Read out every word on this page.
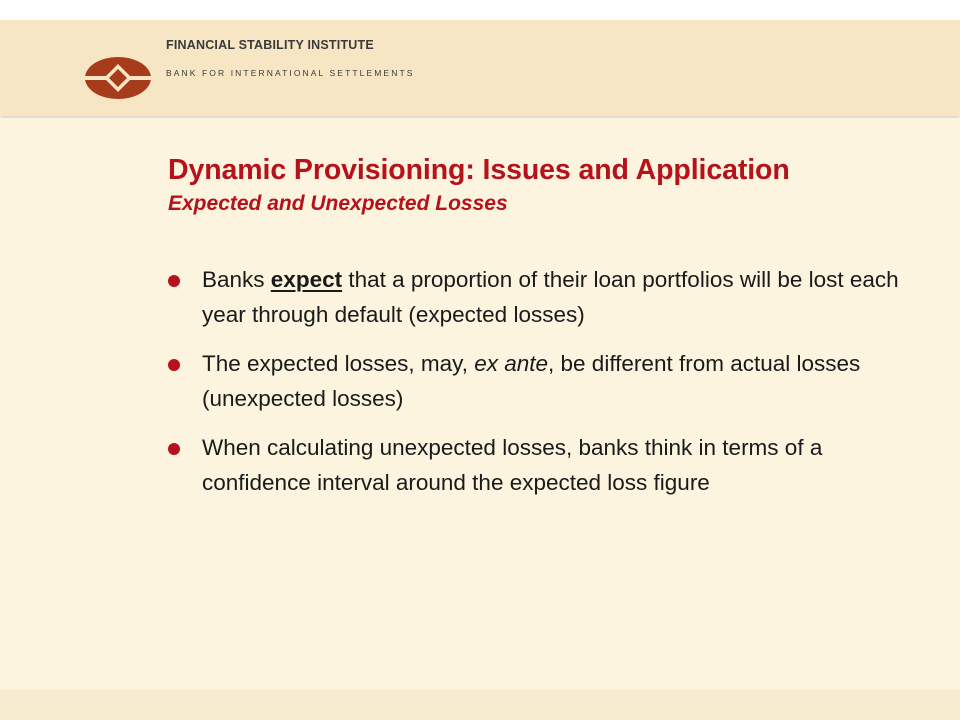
FINANCIAL STABILITY INSTITUTE
BANK FOR INTERNATIONAL SETTLEMENTS
Dynamic Provisioning: Issues and Application
Expected and Unexpected Losses
Banks expect that a proportion of their loan portfolios will be lost each year through default (expected losses)
The expected losses, may, ex ante, be different from actual losses (unexpected losses)
When calculating unexpected losses, banks think in terms of a confidence interval around the expected loss figure
